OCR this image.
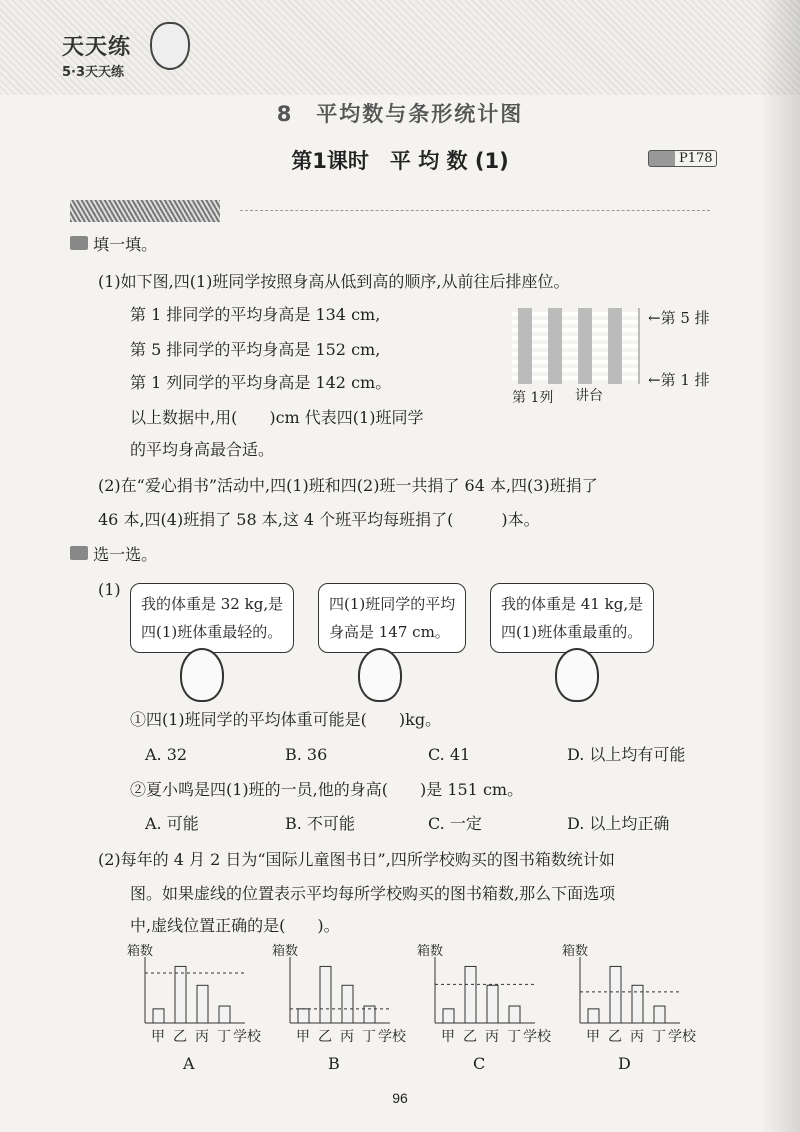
天天练
5·3天天练
8　平均数与条形统计图
第1课时　平 均 数 (1)	P178
填一填。
(1)如下图,四(1)班同学按照身高从低到高的顺序,从前往后排座位。
第 1 排同学的平均身高是 134 cm,
第 5 排同学的平均身高是 152 cm,
第 1 列同学的平均身高是 142 cm。
以上数据中,用(　　)cm 代表四(1)班同学
的平均身高最合适。
←第 5 排
←第 1 排
第 1列 讲台
(2)在“爱心捐书”活动中,四(1)班和四(2)班一共捐了 64 本,四(3)班捐了
46 本,四(4)班捐了 58 本,这 4 个班平均每班捐了(　　　)本。
选一选。
(1)
我的体重是 32 kg,是
四(1)班体重最轻的。
四(1)班同学的平均
身高是 147 cm。
我的体重是 41 kg,是
四(1)班体重最重的。
①四(1)班同学的平均体重可能是(　　)kg。
A. 32	B. 36	C. 41	D. 以上均有可能
②夏小鸣是四(1)班的一员,他的身高(　　)是 151 cm。
A. 可能	B. 不可能	C. 一定	D. 以上均正确
(2)每年的 4 月 2 日为“国际儿童图书日”,四所学校购买的图书箱数统计如
图。如果虚线的位置表示平均每所学校购买的图书箱数,那么下面选项
中,虚线位置正确的是(　　)。
箱数
甲 乙 丙 丁 学校
A
箱数
甲 乙 丙 丁 学校
B
箱数
甲 乙 丙 丁 学校
C
箱数
甲 乙 丙 丁 学校
D
96
